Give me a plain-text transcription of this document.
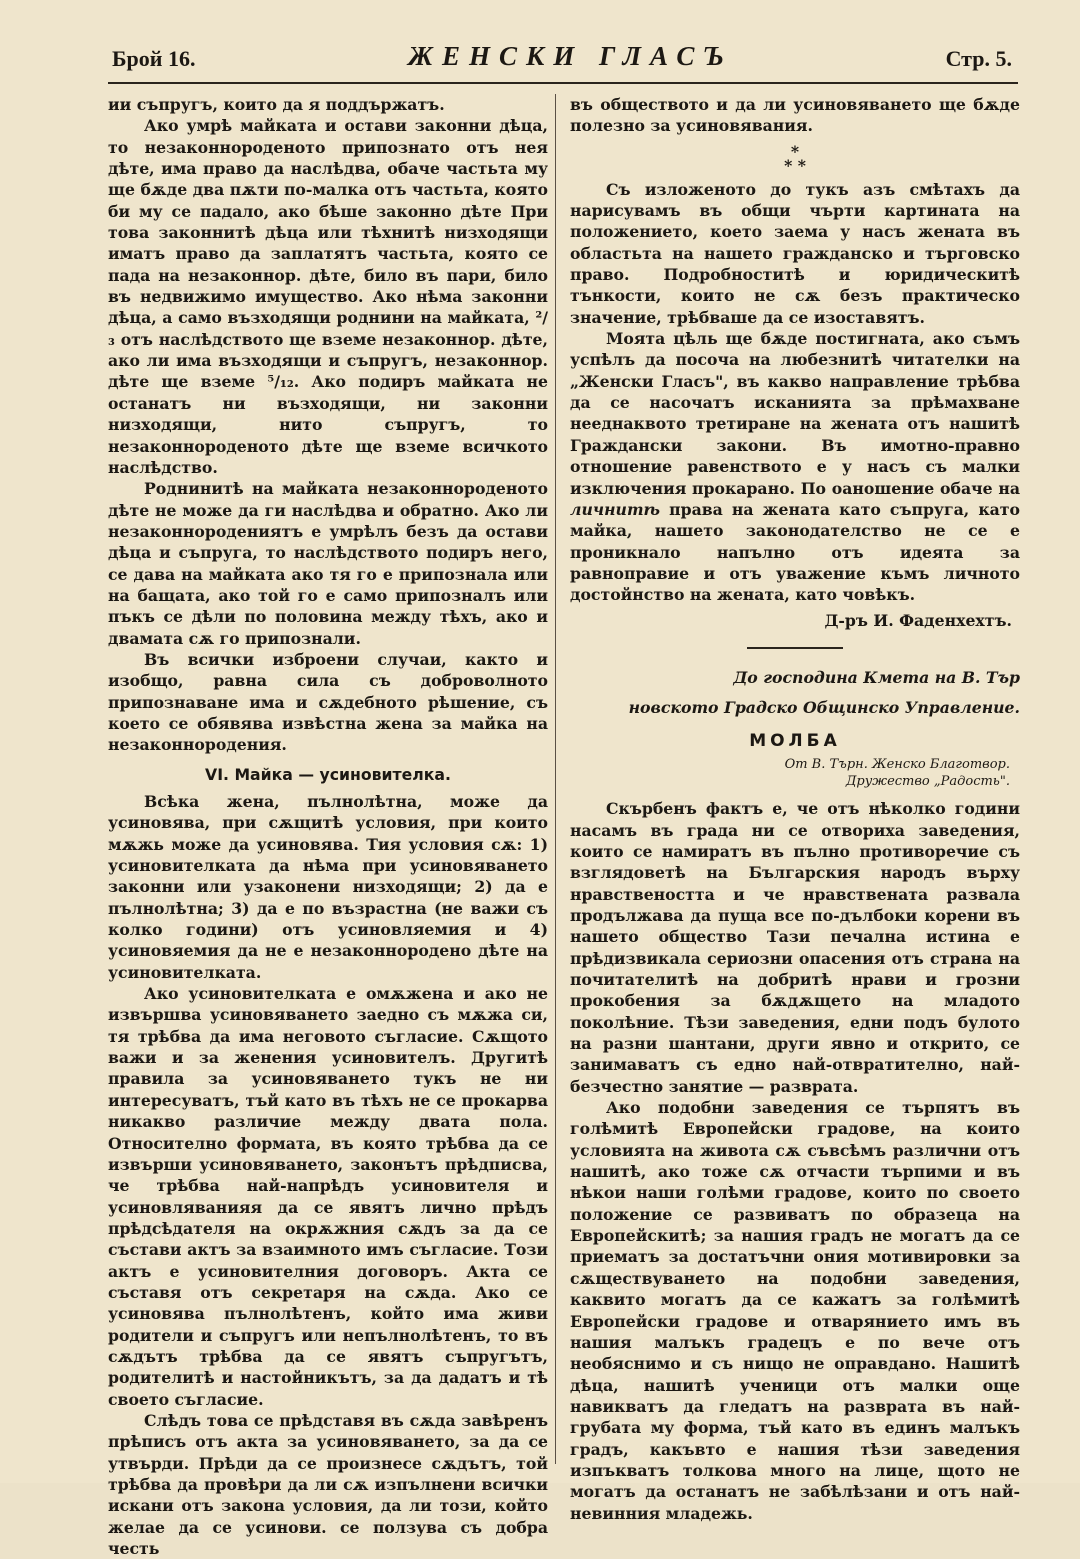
Брой 16.	ЖЕНСКИ ГЛАСЪ	Стр. 5.

ии съпругъ, които да я поддържатъ.

Ако умрѣ майката и остави законни дѣца, то незаконнороденото припознато отъ нея дѣте, има право да наслѣдва, обаче частьта му ще бѫде два пѫти по-малка отъ частьта, която би му се падало, ако бѣше законно дѣте При това законнитѣ дѣца или тѣхнитѣ низходящи иматъ право да заплатятъ частьта, която се пада на незаконнор. дѣте, било въ пари, било въ недвижимо имущество. Ако нѣма законни дѣца, а само възходящи роднини на майката, ²/₃ отъ наслѣдството ще вземе незаконнор. дѣте, ако ли има възходящи и съпругъ, незаконнор. дѣте ще вземе ⁵/₁₂. Ако подиръ майката не останатъ ни възходящи, ни законни низходящи, нито съпругъ, то незаконнороденото дѣте ще вземе всичкото наслѣдство.

Роднинитѣ на майката незаконнороденото дѣте не може да ги наслѣдва и обратно. Ако ли незаконнородениятъ е умрѣлъ безъ да остави дѣца и съпруга, то наслѣдството подиръ него, се дава на майката ако тя го е припознала или на бащата, ако той го е само припозналъ или пъкъ се дѣли по половина между тѣхъ, ако и двамата сѫ го припознали.

Въ всички изброени случаи, както и изобщо, равна сила съ доброволното припознаване има и сѫдебното рѣшение, съ което се обявява извѣстна жена за майка на незаконнородения.

VI. Майка — усиновителка.

Всѣка жена, пълнолѣтна, може да усиновява, при сѫщитѣ условия, при които мѫжь може да усиновява. Тия условия сѫ: 1) усиновителката да нѣма при усиновяването законни или узаконени низходящи; 2) да е пълнолѣтна; 3) да е по възрастна (не важи съ колко години) отъ усиновляемия и 4) усиновяемия да не е незаконнородено дѣте на усиновителката.

Ако усиновителката е омѫжена и ако не извършва усиновяването заедно съ мѫжа си, тя трѣбва да има неговото съгласие. Сѫщото важи и за женения усиновителъ. Другитѣ правила за усиновяването тукъ не ни интересуватъ, тъй като въ тѣхъ не се прокарва никакво различие между двата пола. Относително формата, въ която трѣбва да се извърши усиновяването, законътъ прѣдписва, че трѣбва най-напрѣдъ усиновителя и усиновляванияя да се явятъ лично прѣдъ прѣдсѣдателя на окрѫжния сѫдъ за да се състави актъ за взаимното имъ съгласие. Този актъ е усиновителния договоръ. Акта се съставя отъ секретаря на сѫда. Ако се усиновява пълнолѣтенъ, който има живи родители и съпругъ или непълнолѣтенъ, то въ сѫдътъ трѣбва да се явятъ съпругътъ, родителитѣ и настойникътъ, за да дадатъ и тѣ своето съгласие.

Слѣдъ това се прѣдставя въ сѫда завѣренъ прѣписъ отъ акта за усиновяването, за да се утвърди. Прѣди да се произнесе сѫдътъ, той трѣбва да провѣри да ли сѫ изпълнени всички искани отъ закона условия, да ли този, който желае да се усинови. се ползува съ добра честь

въ обществото и да ли усиновяването ще бѫде полезно за усиновявания.

*
* *

Съ изложеното до тукъ азъ смѣтахъ да нарисувамъ въ общи чърти картината на положението, което заема у насъ жената въ областьта на нашето гражданско и търговско право. Подробноститѣ и юридическитѣ тънкости, които не сѫ безъ практическо значение, трѣбваше да се изоставятъ.

Моята цѣль ще бѫде постигната, ако съмъ успѣлъ да посоча на любезнитѣ читателки на „Женски Гласъ", въ какво направление трѣбва да се насочатъ исканията за прѣмахване нееднаквото третиране на жената отъ нашитѣ Граждански закони. Въ имотно-правно отношение равенството е у насъ съ малки изключения прокарано. По оаношение обаче на личнитѣ права на жената като съпруга, като майка, нашето законодателство не се е проникнало напълно отъ идеята за равноправие и отъ уважение къмъ личното достойнство на жената, като човѣкъ.

Д-ръ И. Фаденхехтъ.
До господина Кмета на В. Тър
новското Градско Общинско Управление.
МОЛБА
От В. Търн. Женско Благотвор.
Дружество „Радость".

Скърбенъ фактъ е, че отъ нѣколко години насамъ въ града ни се отвориха заведения, които се намиратъ въ пълно противоречие съ взглядоветѣ на Българския народъ върху нравствеността и че нравствената развала продължава да пуща все по-дълбоки корени въ нашето общество Тази печална истина е прѣдизвикала сериозни опасения отъ страна на почитателитѣ на добритѣ нрави и грозни прокобения за бѫдѫщето на младото поколѣние. Тѣзи заведения, едни подъ булото на разни шантани, други явно и открито, се занимаватъ съ едно най-отвратително, най-безчестно занятие — разврата.

Ако подобни заведения се търпятъ въ голѣмитѣ Европейски градове, на които условията на живота сѫ съвсѣмъ различни отъ нашитѣ, ако тоже сѫ отчасти търпими и въ нѣкои наши голѣми градове, които по своето положение се развиватъ по образеца на Европейскитѣ; за нашия градъ не могатъ да се приематъ за достатъчни ония мотивировки за сѫществуването на подобни заведения, каквито могатъ да се кажатъ за голѣмитѣ Европейски градове и отварянието имъ въ нашия малъкъ градецъ е по вече отъ необяснимо и съ нищо не оправдано. Нашитѣ дѣца, нашитѣ ученици отъ малки още навикватъ да гледатъ на разврата въ най-грубата му форма, тъй като въ единъ малъкъ градъ, какъвто е нашия тѣзи заведения изпъкватъ толкова много на лице, щото не могатъ да останатъ не забѣлѣзани и отъ най-невинния младежь.
